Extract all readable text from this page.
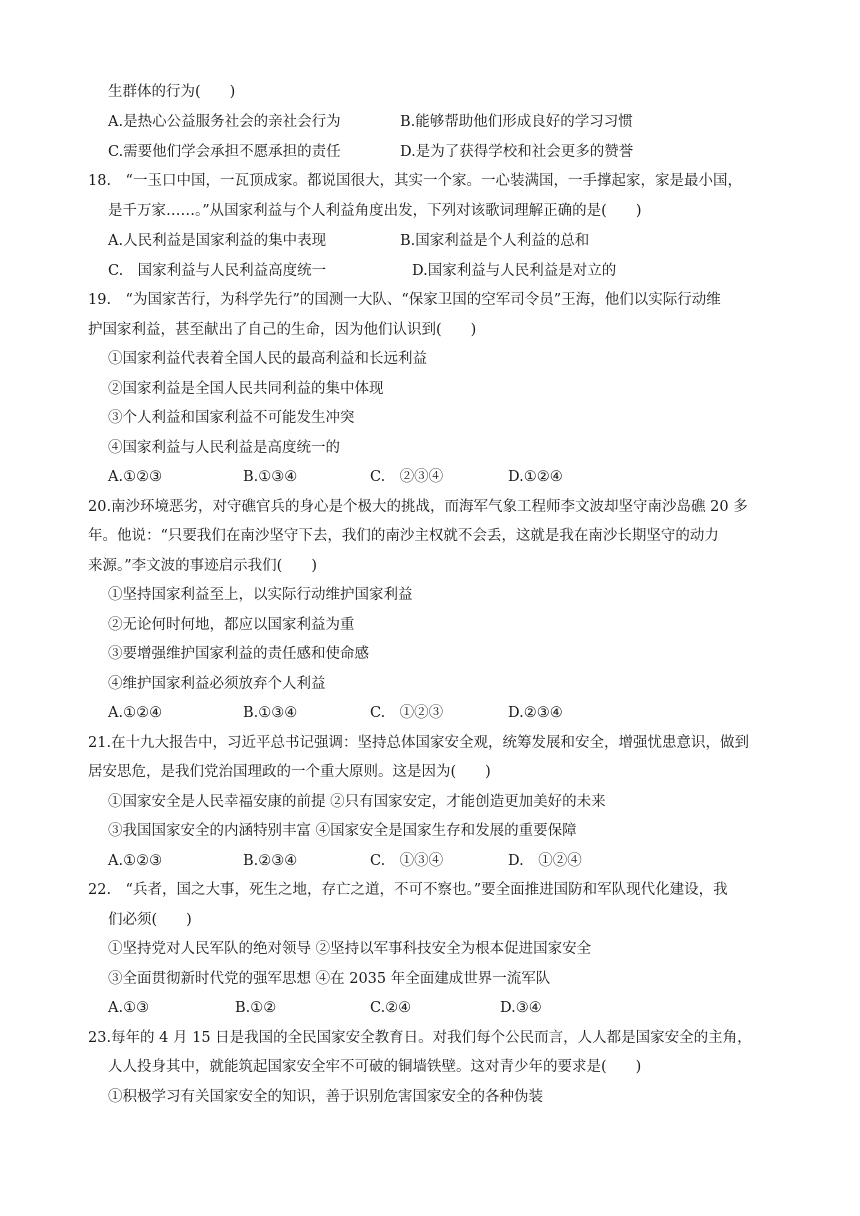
生群体的行为(　　)
A.是热心公益服务社会的亲社会行为	B.能够帮助他们形成良好的学习习惯
C.需要他们学会承担不愿承担的责任	D.是为了获得学校和社会更多的赞誉
18.　“一玉口中国，一瓦顶成家。都说国很大，其实一个家。一心装满国，一手撑起家，家是最小国，
是千万家……。”从国家利益与个人利益角度出发，下列对该歌词理解正确的是(　　)
A.人民利益是国家利益的集中表现	B.国家利益是个人利益的总和
C.　国家利益与人民利益高度统一	D.国家利益与人民利益是对立的
19.　“为国家苦行，为科学先行”的国测一大队、“保家卫国的空军司令员”王海，他们以实际行动维
护国家利益，甚至献出了自己的生命，因为他们认识到(　　)
①国家利益代表着全国人民的最高利益和长远利益
②国家利益是全国人民共同利益的集中体现
③个人利益和国家利益不可能发生冲突
④国家利益与人民利益是高度统一的
A.①②③	B.①③④	C.　②③④	D.①②④
20.南沙环境恶劣，对守礁官兵的身心是个极大的挑战，而海军气象工程师李文波却坚守南沙岛礁 20 多
年。他说：“只要我们在南沙坚守下去，我们的南沙主权就不会丢，这就是我在南沙长期坚守的动力
来源。”李文波的事迹启示我们(　　)
①坚持国家利益至上，以实际行动维护国家利益
②无论何时何地，都应以国家利益为重
③要增强维护国家利益的责任感和使命感
④维护国家利益必须放弃个人利益
A.①②④	B.①③④	C.　①②③	D.②③④
21.在十九大报告中，习近平总书记强调：坚持总体国家安全观，统筹发展和安全，增强忧患意识，做到
居安思危，是我们党治国理政的一个重大原则。这是因为(　　)
①国家安全是人民幸福安康的前提 ②只有国家安定，才能创造更加美好的未来
③我国国家安全的内涵特别丰富 ④国家安全是国家生存和发展的重要保障
A.①②③	B.②③④	C.　①③④	D.　①②④
22.　“兵者，国之大事，死生之地，存亡之道，不可不察也。”要全面推进国防和军队现代化建设，我
们必须(　　)
①坚持党对人民军队的绝对领导 ②坚持以军事科技安全为根本促进国家安全
③全面贯彻新时代党的强军思想 ④在 2035 年全面建成世界一流军队
A.①③	B.①②	C.②④	D.③④
23.每年的 4 月 15 日是我国的全民国家安全教育日。对我们每个公民而言，人人都是国家安全的主角，
人人投身其中，就能筑起国家安全牢不可破的铜墙铁壁。这对青少年的要求是(　　)
①积极学习有关国家安全的知识，善于识别危害国家安全的各种伪装
